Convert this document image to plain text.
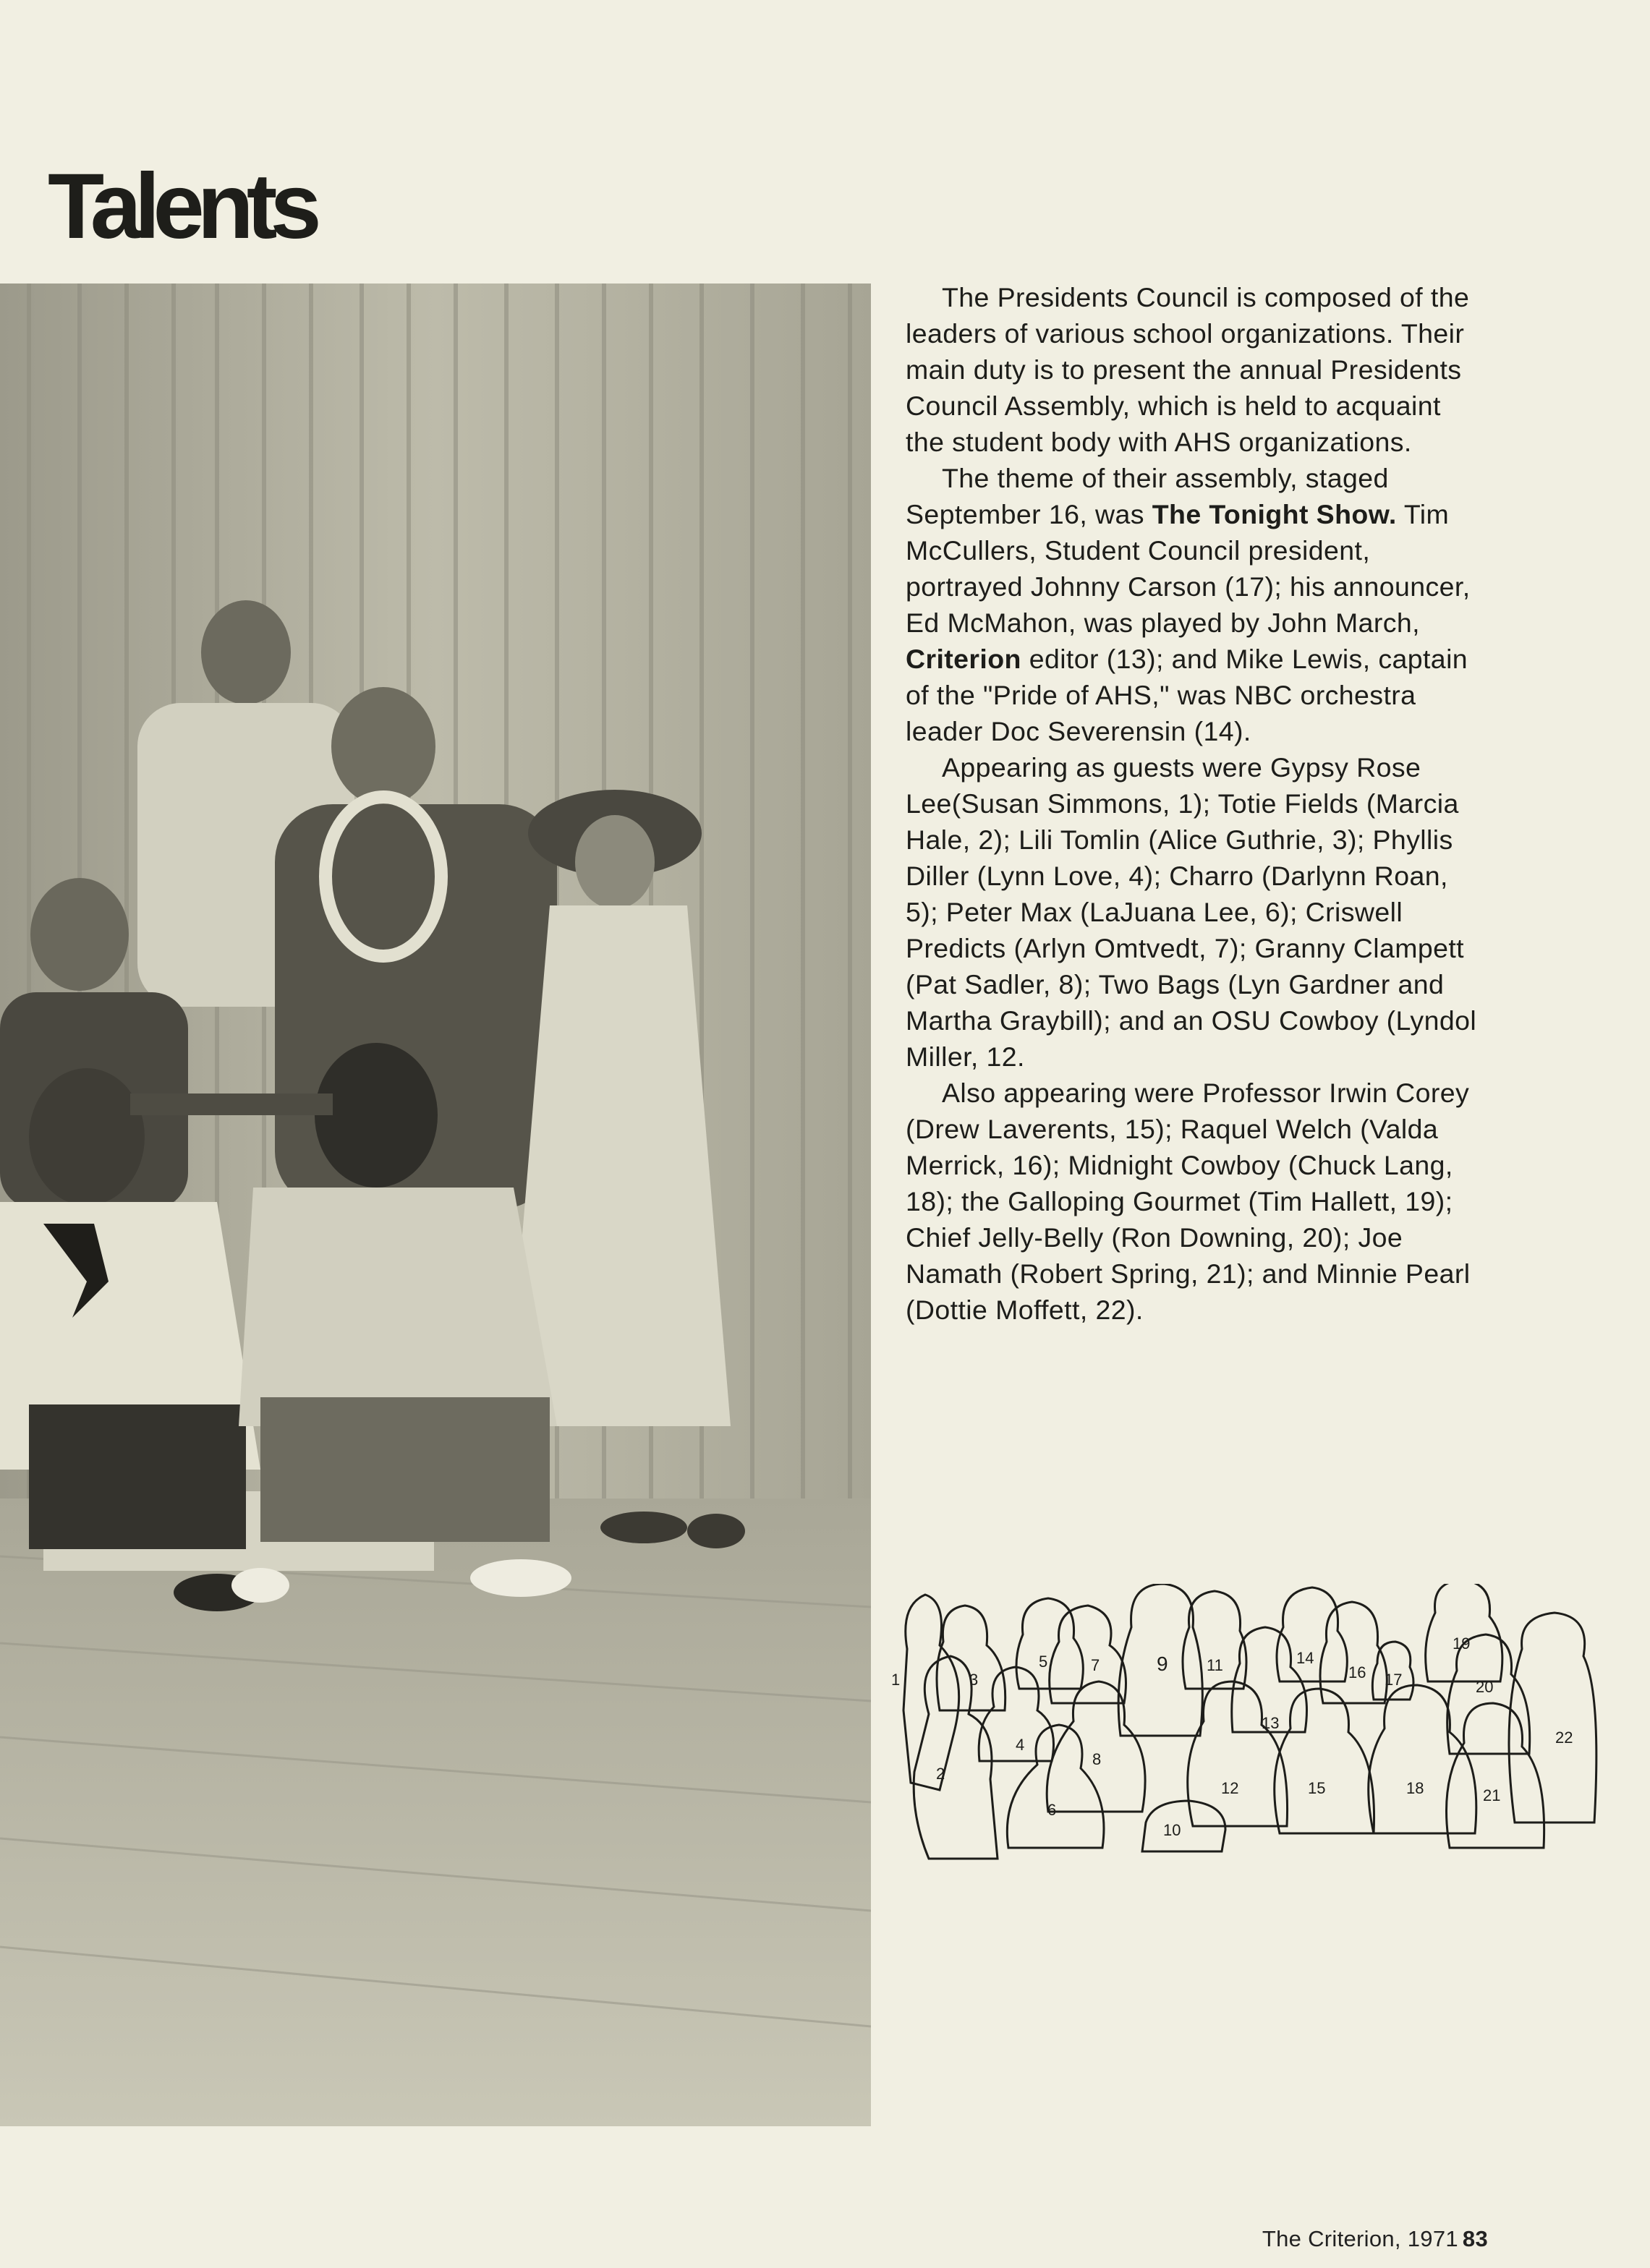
Talents

The Presidents Council is composed of the leaders of various school organizations. Their main duty is to present the annual Presidents Council Assembly, which is held to acquaint the student body with AHS organizations.

The theme of their assembly, staged September 16, was The Tonight Show. Tim McCullers, Student Council president, portrayed Johnny Carson (17); his announcer, Ed McMahon, was played by John March, Criterion editor (13); and Mike Lewis, captain of the "Pride of AHS," was NBC orchestra leader Doc Severensin (14).

Appearing as guests were Gypsy Rose Lee(Susan Simmons, 1); Totie Fields (Marcia Hale, 2); Lili Tomlin (Alice Guthrie, 3); Phyllis Diller (Lynn Love, 4); Charro (Darlynn Roan, 5); Peter Max (LaJuana Lee, 6); Criswell Predicts (Arlyn Omtvedt, 7); Granny Clampett (Pat Sadler, 8); Two Bags (Lyn Gardner and Martha Graybill); and an OSU Cowboy (Lyndol Miller, 12.

Also appearing were Professor Irwin Corey (Drew Laverents, 15); Raquel Welch (Valda Merrick, 16); Midnight Cowboy (Chuck Lang, 18); the Galloping Gourmet (Tim Hallett, 19); Chief Jelly-Belly (Ron Downing, 20); Joe Namath (Robert Spring, 21); and Minnie Pearl (Dottie Moffett, 22).

1
2
3
4
5
6
7
8
9
10
11
12
13
14
15
16 17
18
19
20
21
22
The Criterion, 1971 83
